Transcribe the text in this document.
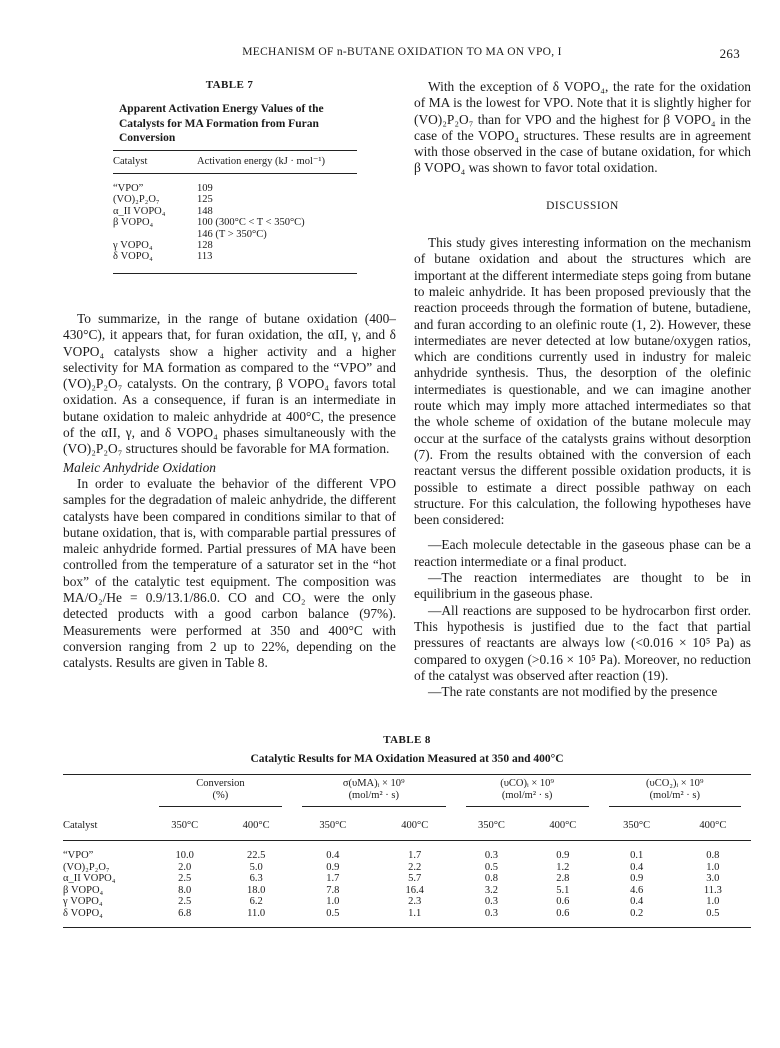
MECHANISM OF n-BUTANE OXIDATION TO MA ON VPO, I	263
TABLE 7
Apparent Activation Energy Values of the Catalysts for MA Formation from Furan Conversion
Catalyst	Activation energy (kJ · mol⁻¹)
“VPO”	109
(VO)₂P₂O₇	125
α_II VOPO₄	148
β VOPO₄	100 (300°C < T < 350°C)
	146 (T > 350°C)
γ VOPO₄	128
δ VOPO₄	113

To summarize, in the range of butane oxidation (400–430°C), it appears that, for furan oxidation, the αII, γ, and δ VOPO₄ catalysts show a higher activity and a higher selectivity for MA formation as compared to the “VPO” and (VO)₂P₂O₇ catalysts. On the contrary, β VOPO₄ favors total oxidation. As a consequence, if furan is an intermediate in butane oxidation to maleic anhydride at 400°C, the presence of the αII, γ, and δ VOPO₄ phases simultaneously with the (VO)₂P₂O₇ structures should be favorable for MA formation.

Maleic Anhydride Oxidation

In order to evaluate the behavior of the different VPO samples for the degradation of maleic anhydride, the different catalysts have been compared in conditions similar to that of butane oxidation, that is, with comparable partial pressures of maleic anhydride formed. Partial pressures of MA have been controlled from the temperature of a saturator set in the “hot box” of the catalytic test equipment. The composition was MA/O₂/He = 0.9/13.1/86.0. CO and CO₂ were the only detected products with a good carbon balance (97%). Measurements were performed at 350 and 400°C with conversion ranging from 2 up to 22%, depending on the catalysts. Results are given in Table 8.

With the exception of δ VOPO₄, the rate for the oxidation of MA is the lowest for VPO. Note that it is slightly higher for (VO)₂P₂O₇ than for VPO and the highest for β VOPO₄ in the case of the VOPO₄ structures. These results are in agreement with those observed in the case of butane oxidation, for which β VOPO₄ was shown to favor total oxidation.

DISCUSSION

This study gives interesting information on the mechanism of butane oxidation and about the structures which are important at the different intermediate steps going from butane to maleic anhydride. It has been proposed previously that the reaction proceeds through the formation of butene, butadiene, and furan according to an olefinic route (1, 2). However, these intermediates are never detected at low butane/oxygen ratios, which are conditions currently used in industry for maleic anhydride synthesis. Thus, the desorption of the olefinic intermediates is questionable, and we can imagine another route which may imply more attached intermediates so that the whole scheme of oxidation of the butane molecule may occur at the surface of the catalysts grains without desorption (7). From the results obtained with the conversion of each reactant versus the different possible oxidation products, it is possible to estimate a direct possible pathway on each structure. For this calculation, the following hypotheses have been considered:

—Each molecule detectable in the gaseous phase can be a reaction intermediate or a final product.

—The reaction intermediates are thought to be in equilibrium in the gaseous phase.

—All reactions are supposed to be hydrocarbon first order. This hypothesis is justified due to the fact that partial pressures of reactants are always low (<0.016 × 10⁵ Pa) as compared to oxygen (>0.16 × 10⁵ Pa). Moreover, no reduction of the catalyst was observed after reaction (19).

—The rate constants are not modified by the presence

TABLE 8
Catalytic Results for MA Oxidation Measured at 350 and 400°C
	Conversion		σ(υMA)ᵢ × 10⁹		(υCO)ᵢ × 10⁹		(υCO₂)ᵢ × 10⁹	
	(%)		(mol/m² · s)		(mol/m² · s)		(mol/m² · s)	

Catalyst	350°C	400°C	350°C	400°C	350°C	400°C	350°C	400°C
“VPO”	10.0	22.5	0.4	1.7	0.3	0.9	0.1	0.8
(VO)₂P₂O₇	2.0	5.0	0.9	2.2	0.5	1.2	0.4	1.0
α_II VOPO₄	2.5	6.3	1.7	5.7	0.8	2.8	0.9	3.0
β VOPO₄	8.0	18.0	7.8	16.4	3.2	5.1	4.6	11.3
γ VOPO₄	2.5	6.2	1.0	2.3	0.3	0.6	0.4	1.0
δ VOPO₄	6.8	11.0	0.5	1.1	0.3	0.6	0.2	0.5
